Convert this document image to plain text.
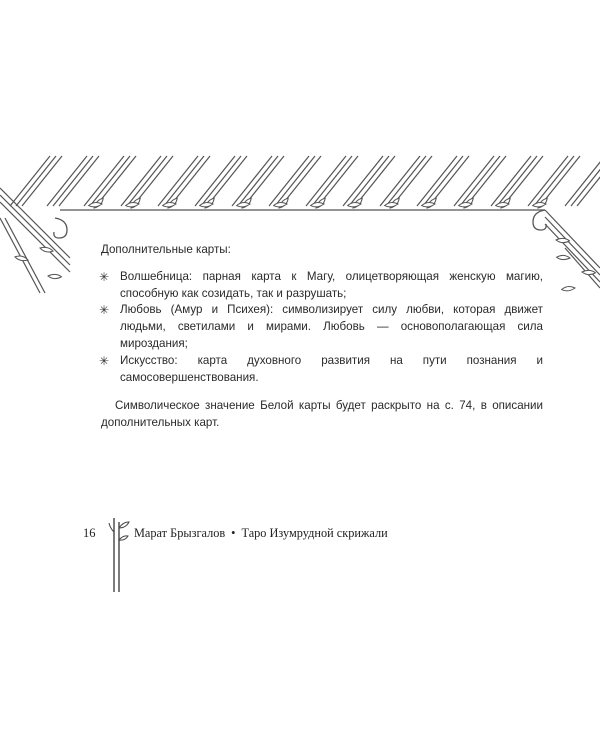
Дополнительные карты:

✳ Волшебница: парная карта к Магу, олицетворяющая женскую магию, способную как созидать, так и разрушать;
✳ Любовь (Амур и Психея): символизирует силу любви, которая движет людьми, светилами и мирами. Любовь — основополагающая сила мироздания;
✳ Искусство: карта духовного развития на пути познания и самосовершенствования.

Символическое значение Белой карты будет раскрыто на с. 74, в описании дополнительных карт.

16	Марат Брызгалов • Таро Изумрудной скрижали
